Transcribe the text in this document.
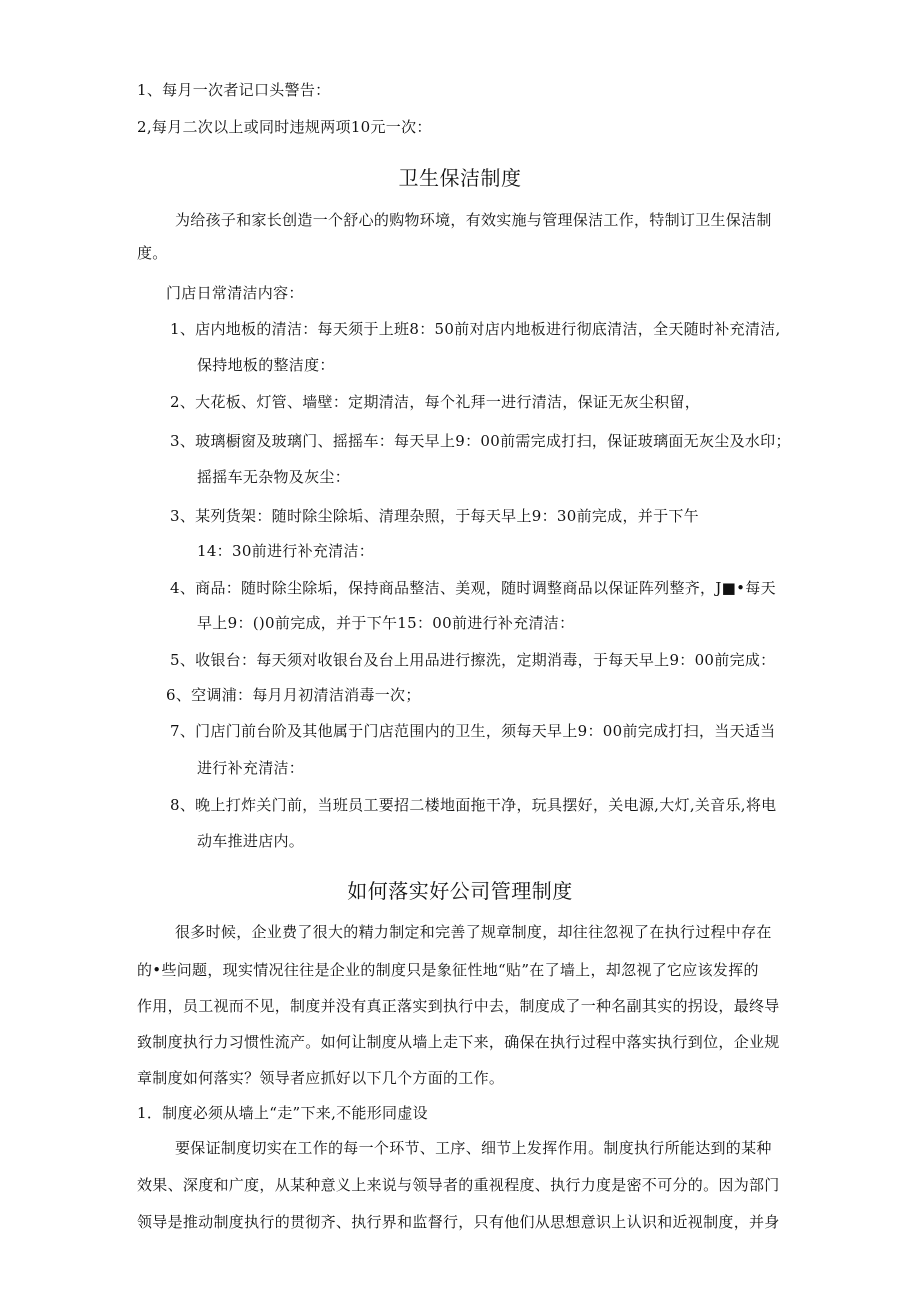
1、每月一次者记口头警告：
2,每月二次以上或同时违规两项10元一次：
卫生保洁制度
为给孩子和家长创造一个舒心的购物环境，有效实施与管理保洁工作，特制订卫生保洁制
度。
门店日常清洁内容：
1、店内地板的清洁：每天须于上班8：50前对店内地板进行彻底清洁，全天随时补充清洁,
保持地板的整洁度：
2、大花板、灯管、墙壁：定期清洁，每个礼拜一进行清洁，保证无灰尘积留，
3、玻璃橱窗及玻璃门、摇摇车：每天早上9：00前需完成打扫，保证玻璃面无灰尘及水印；
摇摇车无杂物及灰尘：
3、某列货架：随时除尘除垢、清理杂照，于每天早上9：30前完成，并于下午
14：30前进行补充清洁：
4、商品：随时除尘除垢，保持商品整洁、美观，随时调整商品以保证阵列整齐，J■•每天
早上9：()0前完成，并于下午15：00前进行补充清洁：
5、收银台：每天须对收银台及台上用品进行擦洗，定期消毒，于每天早上9：00前完成：
6、空调浦：每月月初清洁消毒一次；
7、门店门前台阶及其他属于门店范围内的卫生，须每天早上9：00前完成打扫，当天适当
进行补充清洁：
8、晚上打炸关门前，当班员工要招二楼地面拖干净，玩具摆好，关电源,大灯,关音乐,将电
动车推进店内。
如何落实好公司管理制度
很多时候，企业费了很大的精力制定和完善了规章制度，却往往忽视了在执行过程中存在
的•些问题，现实情况往往是企业的制度只是象征性地“贴”在了墙上，却忽视了它应该发挥的
作用，员工视而不见，制度并没有真正落实到执行中去，制度成了一种名副其实的拐设，最终导
致制度执行力习惯性流产。如何让制度从墙上走下来，确保在执行过程中落实执行到位，企业规
章制度如何落实？领导者应抓好以下几个方面的工作。
1．制度必须从墙上“走”下来,不能形同虚设
要保证制度切实在工作的每一个环节、工序、细节上发挥作用。制度执行所能达到的某种
效果、深度和广度，从某种意义上来说与领导者的重视程度、执行力度是密不可分的。因为部门
领导是推动制度执行的贯彻齐、执行界和监督行，只有他们从思想意识上认识和近视制度，并身
